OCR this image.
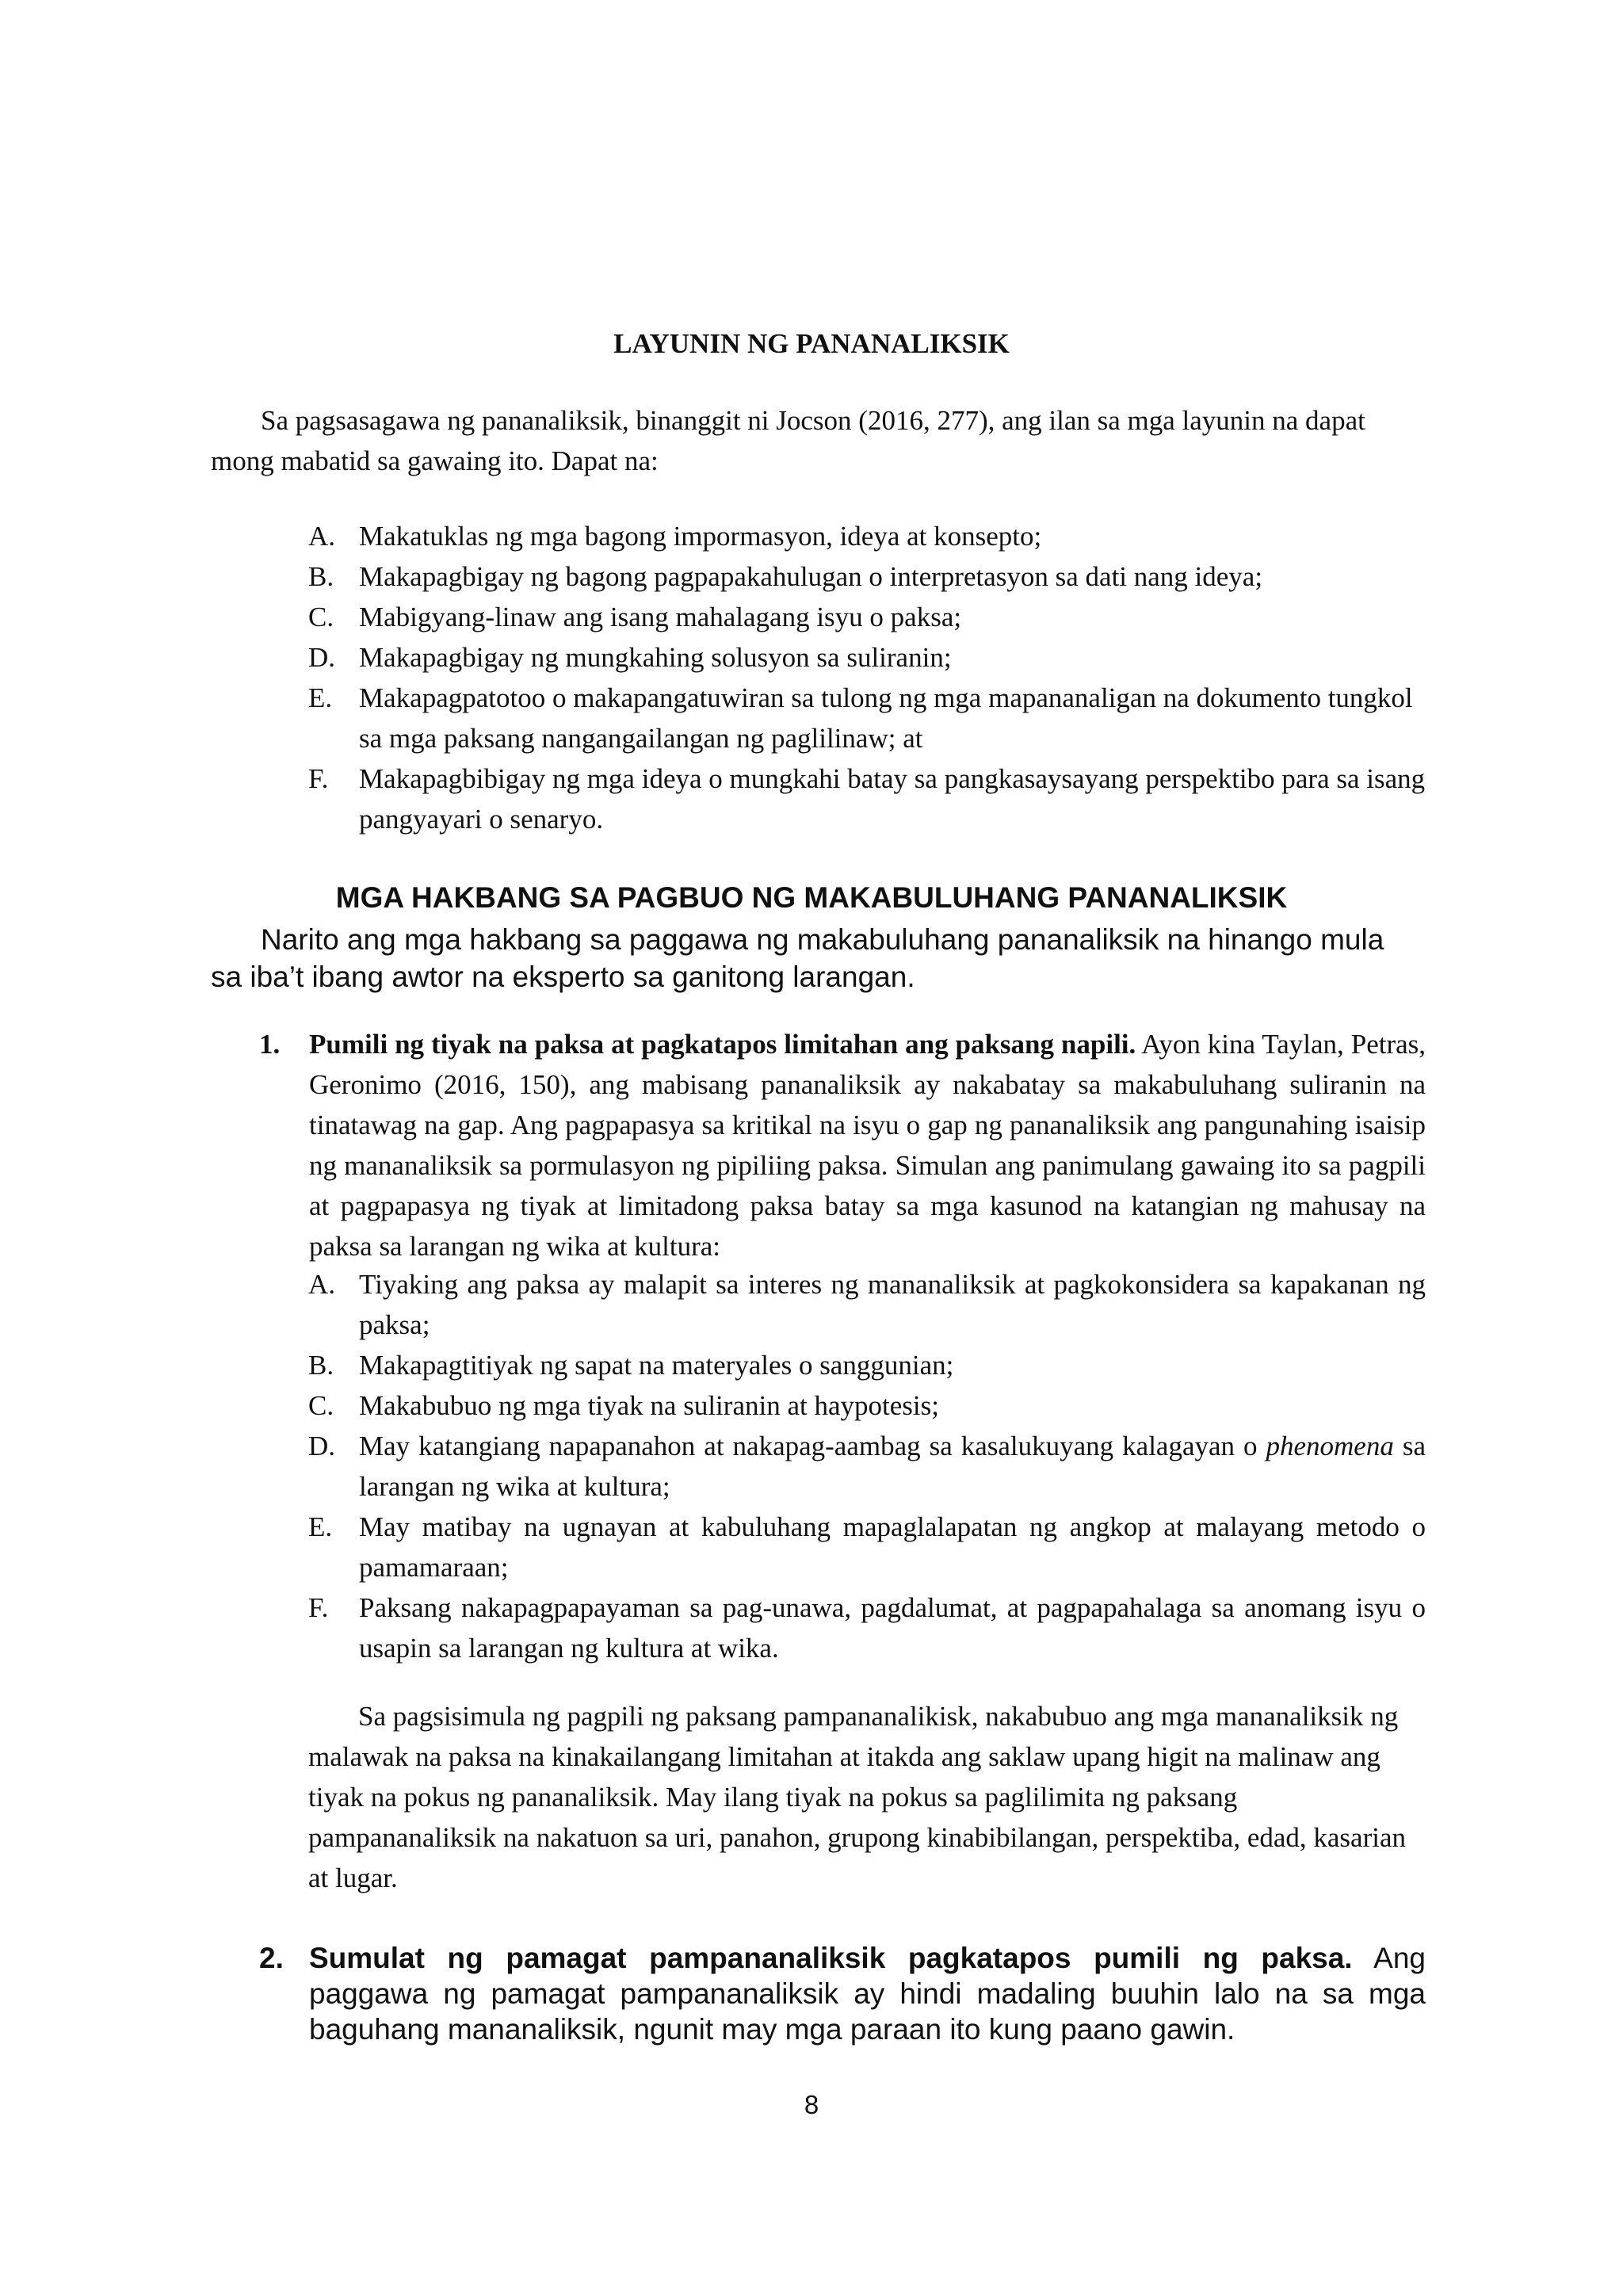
LAYUNIN NG PANANALIKSIK
Sa pagsasagawa ng pananaliksik, binanggit ni Jocson (2016, 277), ang ilan sa mga layunin na dapat mong mabatid sa gawaing ito. Dapat na:
A. Makatuklas ng mga bagong impormasyon, ideya at konsepto;
B. Makapagbigay ng bagong pagpapakahulugan o interpretasyon sa dati nang ideya;
C. Mabigyang-linaw ang isang mahalagang isyu o paksa;
D. Makapagbigay ng mungkahing solusyon sa suliranin;
E. Makapagpatotoo o makapangatuwiran sa tulong ng mga mapananaligan na dokumento tungkol sa mga paksang nangangailangan ng paglilinaw; at
F. Makapagbibigay ng mga ideya o mungkahi batay sa pangkasaysayang perspektibo para sa isang pangyayari o senaryo.
MGA HAKBANG SA PAGBUO NG MAKABULUHANG PANANALIKSIK
Narito ang mga hakbang sa paggawa ng makabuluhang pananaliksik na hinango mula sa iba’t ibang awtor na eksperto sa ganitong larangan.
1. Pumili ng tiyak na paksa at pagkatapos limitahan ang paksang napili. Ayon kina Taylan, Petras, Geronimo (2016, 150), ang mabisang pananaliksik ay nakabatay sa makabuluhang suliranin na tinatawag na gap. Ang pagpapasya sa kritikal na isyu o gap ng pananaliksik ang pangunahing isaisip ng mananaliksik sa pormulasyon ng pipiliing paksa. Simulan ang panimulang gawaing ito sa pagpili at pagpapasya ng tiyak at limitadong paksa batay sa mga kasunod na katangian ng mahusay na paksa sa larangan ng wika at kultura:
A. Tiyaking ang paksa ay malapit sa interes ng mananaliksik at pagkokonsidera sa kapakanan ng paksa;
B. Makapagtitiyak ng sapat na materyales o sanggunian;
C. Makabubuo ng mga tiyak na suliranin at haypotesis;
D. May katangiang napapanahon at nakapag-aambag sa kasalukuyang kalagayan o phenomena sa larangan ng wika at kultura;
E. May matibay na ugnayan at kabuluhang mapaglalapatan ng angkop at malayang metodo o pamamaraan;
F. Paksang nakapagpapayaman sa pag-unawa, pagdalumat, at pagpapahalaga sa anomang isyu o usapin sa larangan ng kultura at wika.
Sa pagsisimula ng pagpili ng paksang pampananalikisk, nakabubuo ang mga mananaliksik ng malawak na paksa na kinakailangang limitahan at itakda ang saklaw upang higit na malinaw ang tiyak na pokus ng pananaliksik. May ilang tiyak na pokus sa paglilimita ng paksang pampananaliksik na nakatuon sa uri, panahon, grupong kinabibilangan, perspektiba, edad, kasarian at lugar.
2. Sumulat ng pamagat pampananaliksik pagkatapos pumili ng paksa. Ang paggawa ng pamagat pampananaliksik ay hindi madaling buuhin lalo na sa mga baguhang mananaliksik, ngunit may mga paraan ito kung paano gawin.
8
